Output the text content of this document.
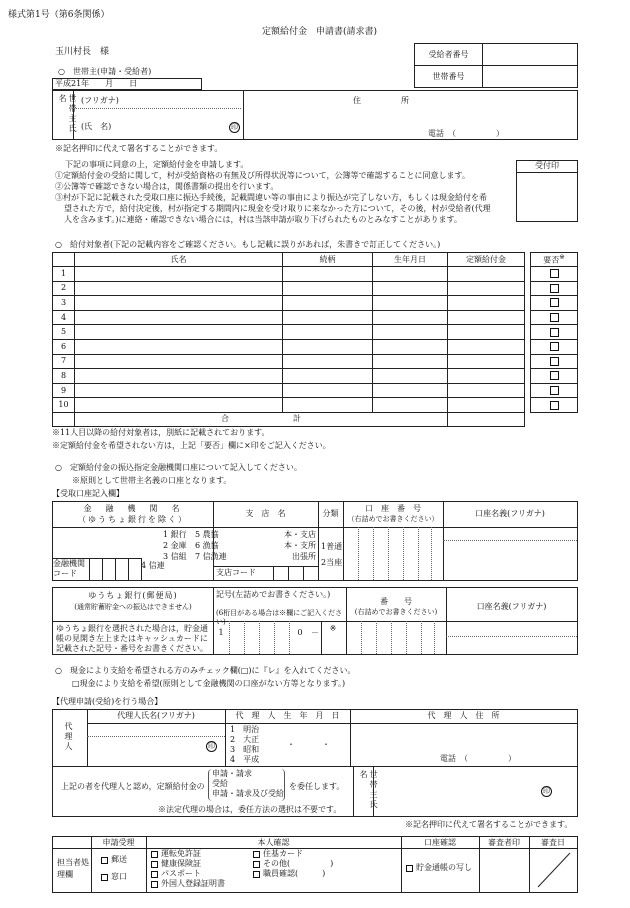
様式第1号（第6条関係）
定額給付金　申請書(請求書)
玉川村長　様	受給者番号	
世帯番号	
○　世帯主(申請・受給者)
平成21年　　月　　日
名	(フリガナ)
(氏　名)	印
住　　　　　所
電話　（　　　　　）
※記名押印に代えて署名することができます。
下記の事項に同意の上，定額給付金を申請します。
①定額給付金の受給に関して，村が受給資格の有無及び所得状況等について，公簿等で確認することに同意します。
②公簿等で確認できない場合は，関係書類の提出を行います。
③村が下記に記載された受取口座に振込手続後，記載間違い等の事由により振込が完了しない方，もしくは現金給付を希
望された方で，給付決定後，村が指定する期間内に現金を受け取りに来なかった方について，その後，村が受給者(代理
人を含みます。)に連絡・確認できない場合には，村は当該申請が取り下げられたものとみなすことがあります。
受付印
○　給付対象者(下記の記載内容をご確認ください。もし記載に誤りがあれば，朱書きで訂正してください。)
	氏名	続柄	生年月日	定額給付金
1				
2				
3				
4				
5				
6				
7				
8				
9				
10				
	合　　　　　　　　計			
要否※

※11人目以降の給付対象者は，別紙に記載されております。
※定額給付金を希望されない方は，上記「要否」欄に×印をご記入ください。
○　定額給付金の振込指定金融機関口座について記入してください。
※原則として世帯主名義の口座となります。
【受取口座記入欄】
金　融　機　関　名
（ゆうちょ銀行を除く）
支　店　名	分類
口　座　番　号
（右詰めでお書きください）
口座名義(フリガナ)
1 銀行
2 金庫
3 信組
5 農協
6 漁協
7 信漁連
4 信連
本・支店
本・支所
出張所
1普通
2当座
金融機関コード	支店コード
ゆうちょ銀行(郵便局)
(通常貯蓄貯金への振込はできません)
記号(左詰めでお書きください。)
(6桁目がある場合は※欄にご記入ください)
番　　号
(右詰めでお書きください)
口座名義(フリガナ)
ゆうちょ銀行を選択された場合は，貯金通帳の見開き左上またはキャッシュカードに記載された記号・番号をお書きください。
1	0	－	※
○　現金により支給を希望される方のみチェック欄(□)に『レ』を入れてください。
□現金により支給を希望(原則として金融機関の口座がない方等となります。)
【代理申請(受給)を行う場合】
代理人
代理人氏名(フリガナ)
印
代　理　人　生　年　月　日
1　明治
2　大正
3　昭和
4　平成
・	・
代　理　人　住　所
電話　（　　　　　）
上記の者を代理人と認め，定額給付金の
申請・請求
受給
申請・請求及び受給
を委任します。
※法定代理の場合は，委任方法の選択は不要です。	世帯主氏名
印
※記名押印に代えて署名することができます。
担当者処理欄
申請受理
郵送
窓口
本人確認
運転免許証
健康保険証
パスポート
外国人登録証明書
住基カード
その他(　　　　　)
職員確認(　　　)
口座確認
貯金通帳の写し
審査者印	審査日
